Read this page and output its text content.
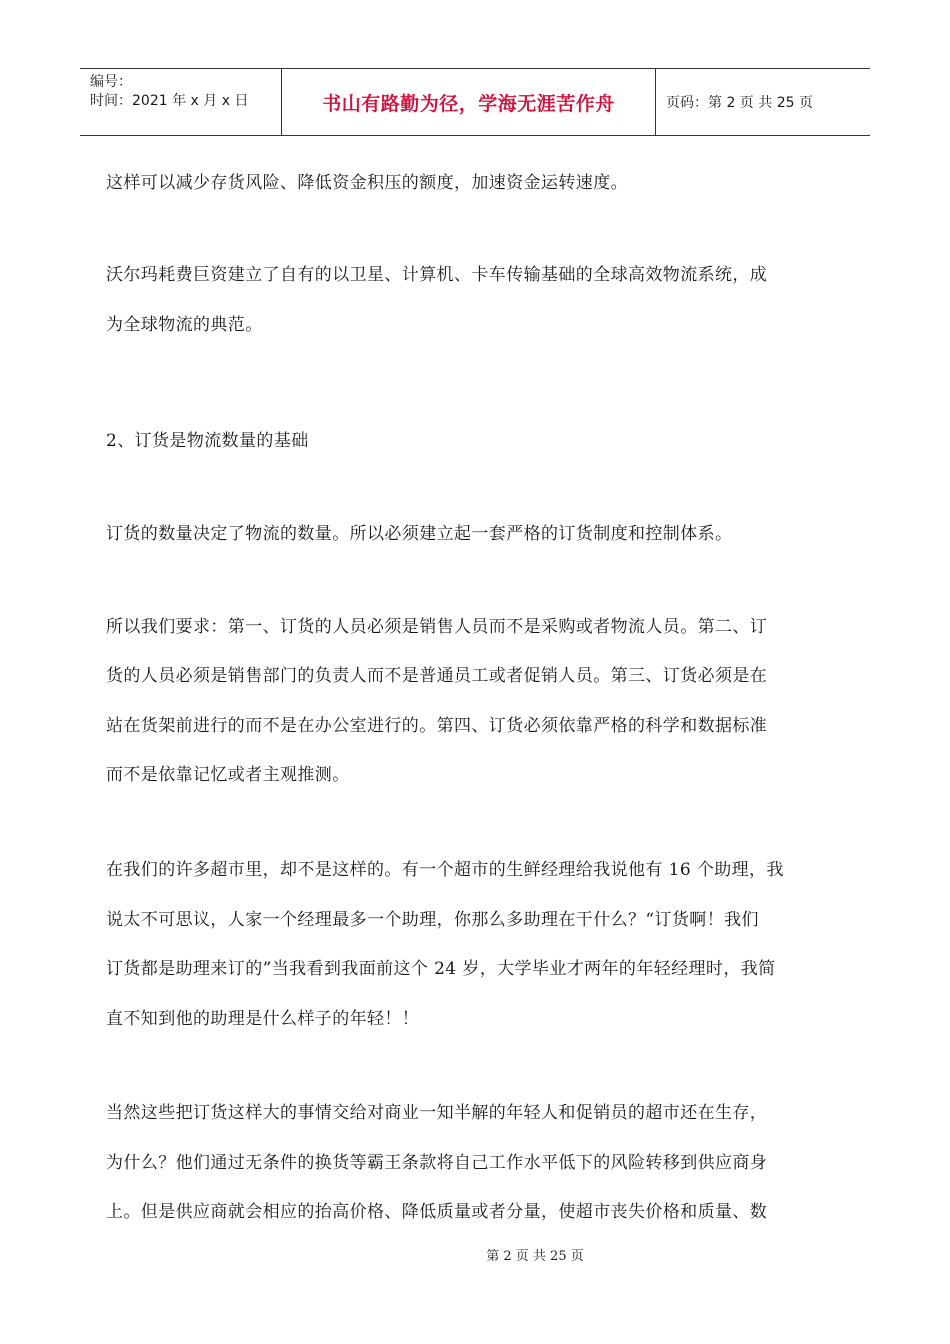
编号：
时间：2021 年 x 月 x 日	书山有路勤为径，学海无涯苦作舟	页码：第 2 页 共 25 页

这样可以减少存货风险、降低资金积压的额度，加速资金运转速度。

沃尔玛耗费巨资建立了自有的以卫星、计算机、卡车传输基础的全球高效物流系统，成

为全球物流的典范。

2、订货是物流数量的基础

订货的数量决定了物流的数量。所以必须建立起一套严格的订货制度和控制体系。

所以我们要求：第一、订货的人员必须是销售人员而不是采购或者物流人员。第二、订

货的人员必须是销售部门的负责人而不是普通员工或者促销人员。第三、订货必须是在

站在货架前进行的而不是在办公室进行的。第四、订货必须依靠严格的科学和数据标准

而不是依靠记忆或者主观推测。

在我们的许多超市里，却不是这样的。有一个超市的生鲜经理给我说他有 16 个助理，我

说太不可思议，人家一个经理最多一个助理，你那么多助理在干什么？“订货啊！我们

订货都是助理来订的”当我看到我面前这个 24 岁，大学毕业才两年的年轻经理时，我简

直不知到他的助理是什么样子的年轻！！

当然这些把订货这样大的事情交给对商业一知半解的年轻人和促销员的超市还在生存，

为什么？他们通过无条件的换货等霸王条款将自己工作水平低下的风险转移到供应商身

上。但是供应商就会相应的抬高价格、降低质量或者分量，使超市丧失价格和质量、数

第 2 页 共 25 页
